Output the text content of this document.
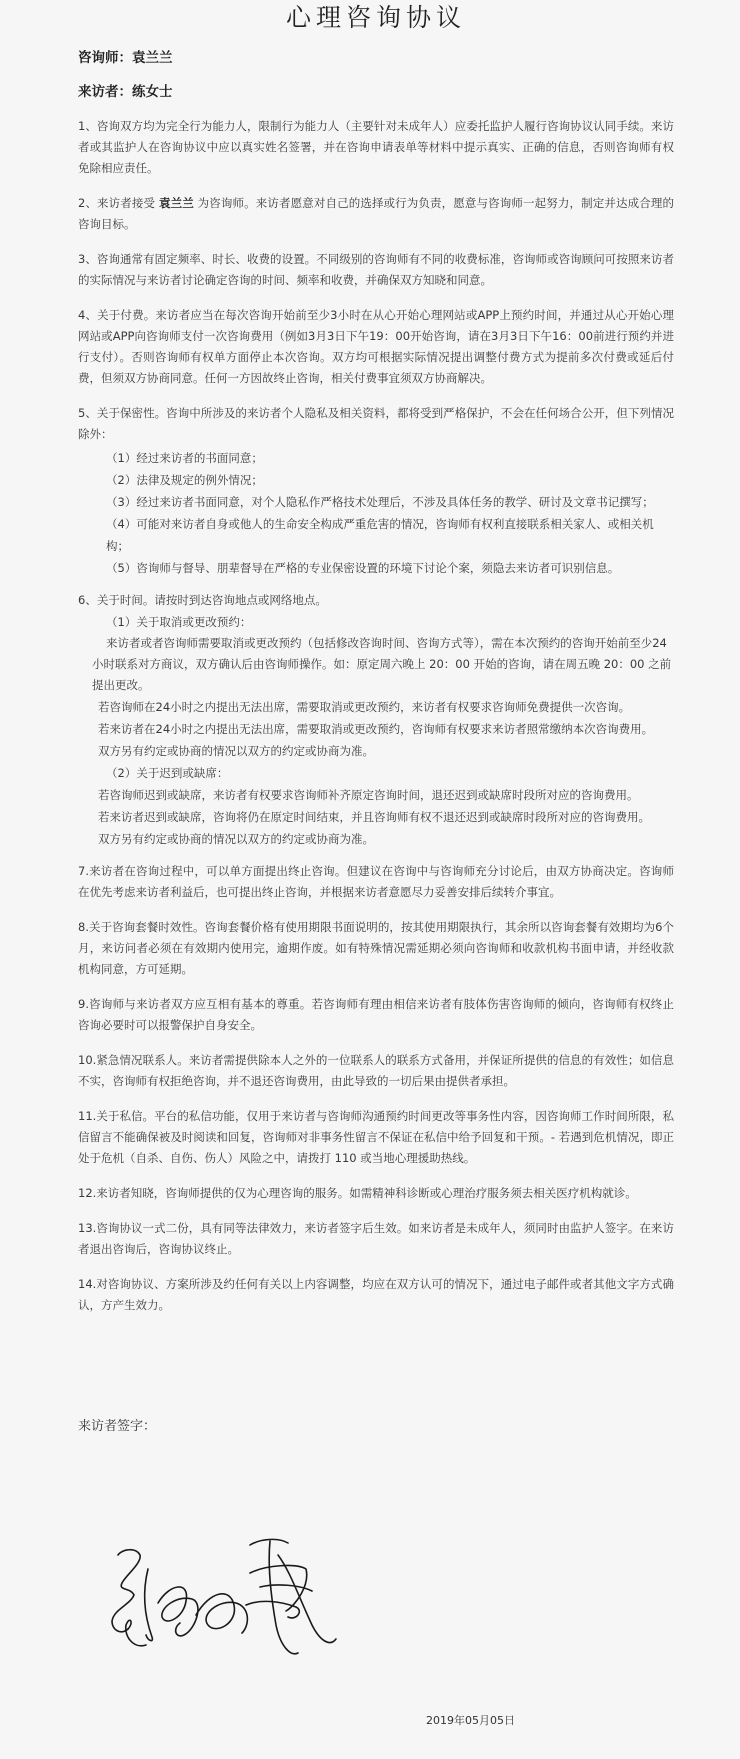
心理咨询协议

咨询师：袁兰兰

来访者：练女士

1、咨询双方均为完全行为能力人，限制行为能力人（主要针对未成年人）应委托监护人履行咨询协议认同手续。来访者或其监护人在咨询协议中应以真实姓名签署，并在咨询申请表单等材料中提示真实、正确的信息，否则咨询师有权免除相应责任。

2、来访者接受 袁兰兰 为咨询师。来访者愿意对自己的选择或行为负责，愿意与咨询师一起努力，制定并达成合理的咨询目标。

3、咨询通常有固定频率、时长、收费的设置。不同级别的咨询师有不同的收费标准，咨询师或咨询顾问可按照来访者的实际情况与来访者讨论确定咨询的时间、频率和收费，并确保双方知晓和同意。

4、关于付费。来访者应当在每次咨询开始前至少3小时在从心开始心理网站或APP上预约时间，并通过从心开始心理网站或APP向咨询师支付一次咨询费用（例如3月3日下午19：00开始咨询，请在3月3日下午16：00前进行预约并进行支付）。否则咨询师有权单方面停止本次咨询。双方均可根据实际情况提出调整付费方式为提前多次付费或延后付费，但须双方协商同意。任何一方因故终止咨询，相关付费事宜须双方协商解决。

5、关于保密性。咨询中所涉及的来访者个人隐私及相关资料，都将受到严格保护，不会在任何场合公开，但下列情况除外：

（1）经过来访者的书面同意；

（2）法律及规定的例外情况；

（3）经过来访者书面同意，对个人隐私作严格技术处理后，不涉及具体任务的教学、研讨及文章书记撰写；

（4）可能对来访者自身或他人的生命安全构成严重危害的情况，咨询师有权利直接联系相关家人、或相关机构；

（5）咨询师与督导、朋辈督导在严格的专业保密设置的环境下讨论个案，须隐去来访者可识别信息。

6、关于时间。请按时到达咨询地点或网络地点。

（1）关于取消或更改预约：

来访者或者咨询师需要取消或更改预约（包括修改咨询时间、咨询方式等），需在本次预约的咨询开始前至少24小时联系对方商议，双方确认后由咨询师操作。如：原定周六晚上 20：00 开始的咨询，请在周五晚 20：00 之前提出更改。

若咨询师在24小时之内提出无法出席，需要取消或更改预约，来访者有权要求咨询师免费提供一次咨询。

若来访者在24小时之内提出无法出席，需要取消或更改预约，咨询师有权要求来访者照常缴纳本次咨询费用。

双方另有约定或协商的情况以双方的约定或协商为准。

（2）关于迟到或缺席：

若咨询师迟到或缺席，来访者有权要求咨询师补齐原定咨询时间，退还迟到或缺席时段所对应的咨询费用。

若来访者迟到或缺席，咨询将仍在原定时间结束，并且咨询师有权不退还迟到或缺席时段所对应的咨询费用。

双方另有约定或协商的情况以双方的约定或协商为准。

7.来访者在咨询过程中，可以单方面提出终止咨询。但建议在咨询中与咨询师充分讨论后，由双方协商决定。咨询师在优先考虑来访者利益后，也可提出终止咨询，并根据来访者意愿尽力妥善安排后续转介事宜。

8.关于咨询套餐时效性。咨询套餐价格有使用期限书面说明的，按其使用期限执行，其余所以咨询套餐有效期均为6个月，来访问者必须在有效期内使用完，逾期作废。如有特殊情况需延期必须向咨询师和收款机构书面申请，并经收款机构同意，方可延期。

9.咨询师与来访者双方应互相有基本的尊重。若咨询师有理由相信来访者有肢体伤害咨询师的倾向，咨询师有权终止咨询必要时可以报警保护自身安全。

10.紧急情况联系人。来访者需提供除本人之外的一位联系人的联系方式备用，并保证所提供的信息的有效性；如信息不实，咨询师有权拒绝咨询，并不退还咨询费用，由此导致的一切后果由提供者承担。

11.关于私信。平台的私信功能，仅用于来访者与咨询师沟通预约时间更改等事务性内容，因咨询师工作时间所限，私信留言不能确保被及时阅读和回复，咨询师对非事务性留言不保证在私信中给予回复和干预。- 若遇到危机情况，即正处于危机（自杀、自伤、伤人）风险之中，请拨打 110 或当地心理援助热线。

12.来访者知晓，咨询师提供的仅为心理咨询的服务。如需精神科诊断或心理治疗服务须去相关医疗机构就诊。

13.咨询协议一式二份，具有同等法律效力，来访者签字后生效。如来访者是未成年人，须同时由监护人签字。在来访者退出咨询后，咨询协议终止。

14.对咨询协议、方案所涉及约任何有关以上内容调整，均应在双方认可的情况下，通过电子邮件或者其他文字方式确认，方产生效力。

来访者签字：
2019年05月05日
